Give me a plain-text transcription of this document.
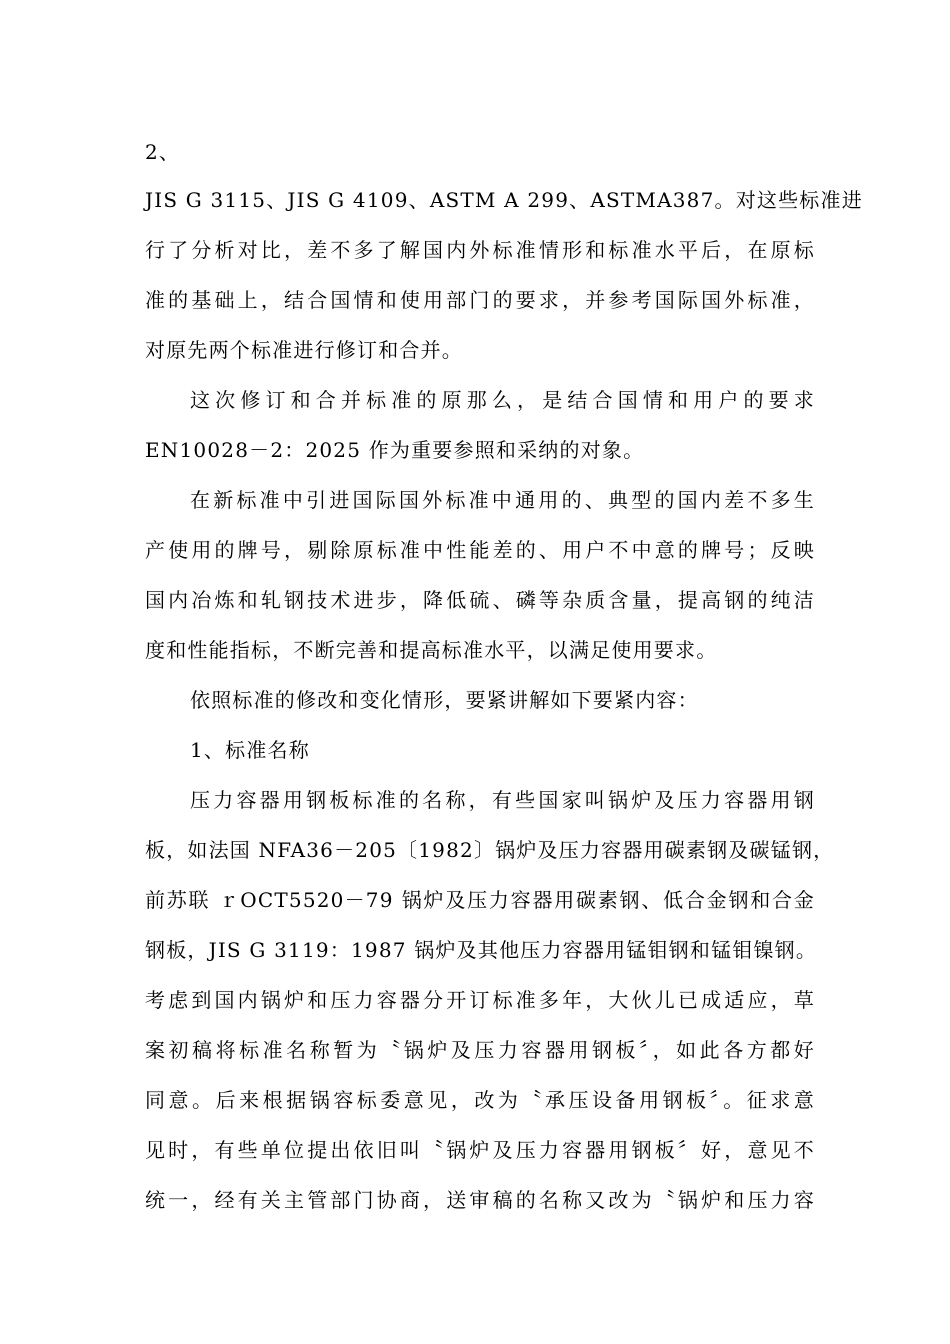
2、
JIS G 3115、JIS G 4109、ASTM A 299、ASTMA387。对这些标准进
行了分析对比，差不多了解国内外标准情形和标准水平后，在原标
准的基础上，结合国情和使用部门的要求，并参考国际国外标准，
对原先两个标准进行修订和合并。
这次修订和合并标准的原那么，是结合国情和用户的要求
EN10028－2：2025 作为重要参照和采纳的对象。
在新标准中引进国际国外标准中通用的、典型的国内差不多生
产使用的牌号，剔除原标准中性能差的、用户不中意的牌号；反映
国内冶炼和轧钢技术进步，降低硫、磷等杂质含量，提高钢的纯洁
度和性能指标，不断完善和提高标准水平，以满足使用要求。
依照标准的修改和变化情形，要紧讲解如下要紧内容：
1、标准名称
压力容器用钢板标准的名称，有些国家叫锅炉及压力容器用钢
板，如法国 NFA36－205〔1982〕锅炉及压力容器用碳素钢及碳锰钢，
前苏联 ｒOCT5520－79 锅炉及压力容器用碳素钢、低合金钢和合金
钢板，JIS G 3119：1987 锅炉及其他压力容器用锰钼钢和锰钼镍钢。
考虑到国内锅炉和压力容器分开订标准多年，大伙儿已成适应，草
案初稿将标准名称暂为〝锅炉及压力容器用钢板〞，如此各方都好
同意。后来根据锅容标委意见，改为〝承压设备用钢板〞。征求意
见时，有些单位提出依旧叫〝锅炉及压力容器用钢板〞好，意见不
统一，经有关主管部门协商，送审稿的名称又改为〝锅炉和压力容
